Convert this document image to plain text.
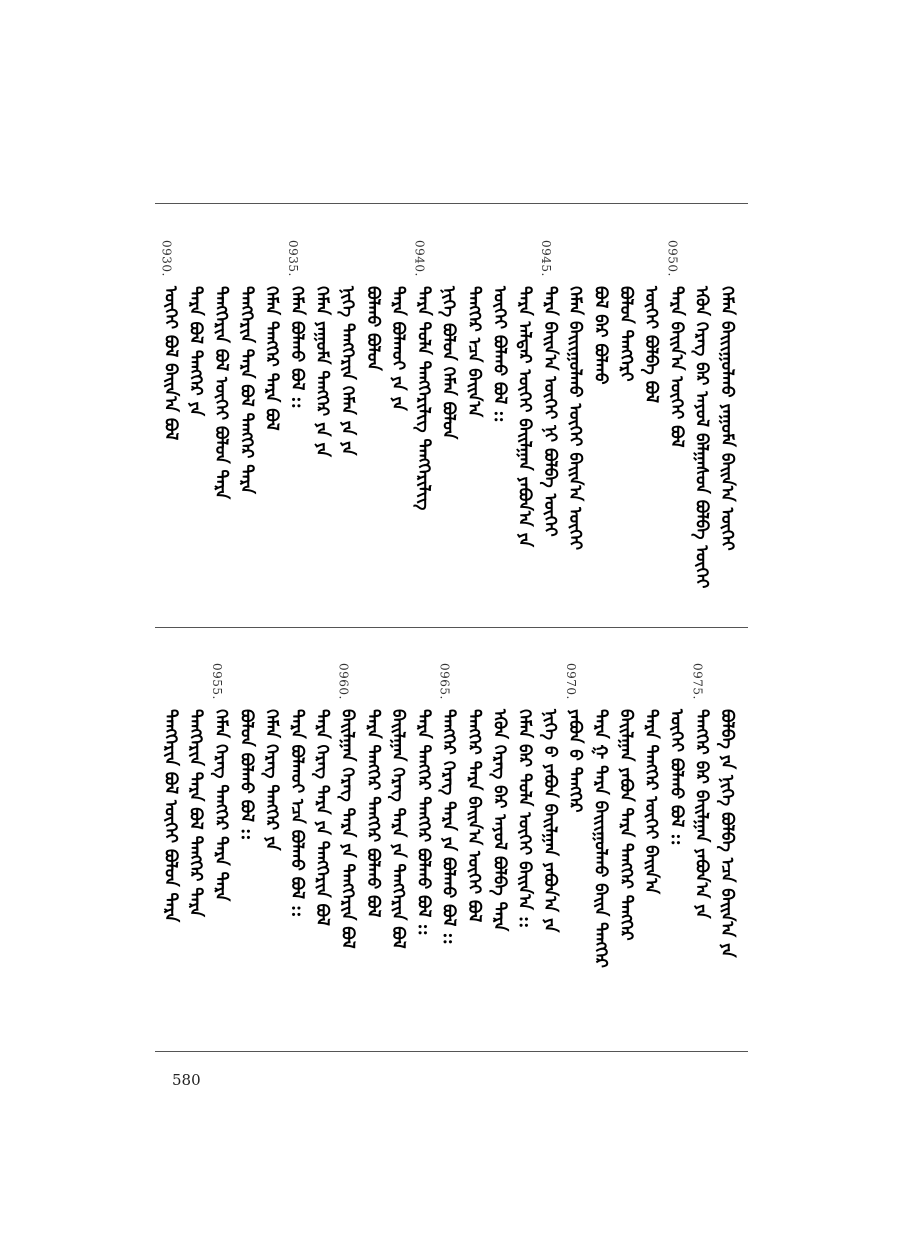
ᠬᠡᠮᠡᠨ ᠪᠠᠢᠢᠭᠤᠯᠬᠤ ᠶᠠᠭᠤᠮᠠ ᠪᠠᠢᠨ᠎ᠠ ᠦᠭᠡᠢ
ᠡᠭᠦᠨ ᠬᠡᠷᠡᠭ ᠪᠡᠷ ᠠᠶᠤᠯ ᠪᠠᠯᠭᠠᠰᠤᠨ ᠪᠣᠯᠪᠠ ᠦᠭᠡᠢ
0950.
ᠲᠡᠷᠡ ᠪᠠᠢᠨ᠎ᠠ ᠦᠭᠡᠢ ᠪᠣᠯ
ᠦᠭᠡᠢ ᠪᠣᠯᠪᠠ ᠪᠣᠯ
ᠪᠣᠯᠤᠨ ᠲᠡᠩᠭᠡᠷᠢ
ᠪᠣᠯ ᠪᠡᠷ ᠪᠣᠯᠬᠤ
ᠬᠡᠮᠡᠨ ᠪᠠᠢᠢᠭᠤᠯᠬᠤ ᠦᠭᠡᠢ ᠪᠠᠢᠨ᠎ᠠ ᠦᠭᠡᠢ
0945.
ᠲᠡᠷᠡ ᠪᠠᠢᠨ᠎ᠠ ᠦᠭᠡᠢ ᠨᠢ ᠪᠣᠯᠪᠠ ᠦᠭᠡᠢ
ᠲᠡᠷᠡ ᠠᠯᠳᠠᠷ ᠦᠭᠡᠢ ᠪᠠᠢᠯᠭᠠᠨ ᠶᠠᠪᠤᠨ᠎ᠠ ᠶᠠ
ᠦᠭᠡᠢ ᠪᠣᠯᠬᠤ ᠪᠣᠯ ::
ᠲᠡᠩᠭᠡᠷ ᠡᠴᠡ ᠪᠠᠢᠨ᠎ᠠ
ᠨᠢᠭᠡ ᠪᠣᠯᠤᠨ ᠬᠡᠮᠡᠨ ᠪᠣᠯᠤᠨ
0940.
ᠲᠡᠷᠡ ᠲᠤᠯᠠ ᠲᠡᠩᠭᠡᠷᠢᠯᠢᠭ ᠲᠡᠩᠭᠡᠷᠢᠯᠢᠭ
ᠲᠡᠷᠡ ᠪᠣᠯᠬᠤᠢ ᠶᠠ ᠶᠠ
ᠪᠣᠯᠬᠤ ᠪᠣᠯᠤᠨ
ᠨᠢᠭᠡ ᠲᠡᠩᠭᠡᠷᠢᠨ ᠬᠡᠮᠡᠨ ᠶᠠ ᠶᠠ
ᠬᠡᠮᠡᠨ ᠶᠠᠭᠤᠮᠠ ᠲᠡᠩᠭᠡᠷ ᠶᠠ ᠶᠠ
0935.
ᠬᠡᠮᠡᠨ ᠪᠣᠯᠬᠤ ᠪᠣᠯ ::
ᠬᠡᠮᠡᠨ ᠲᠡᠩᠭᠡᠷ ᠲᠡᠷᠡ ᠪᠣᠯ
ᠲᠡᠩᠭᠡᠷᠢᠨ ᠲᠡᠷᠡ ᠪᠣᠯ ᠲᠡᠩᠭᠡᠷ ᠲᠡᠷᠡ
ᠲᠡᠩᠭᠡᠷᠢᠨ ᠪᠣᠯ ᠦᠭᠡᠢ ᠪᠣᠯᠤᠨ ᠲᠡᠷᠡ
ᠲᠡᠷᠡ ᠪᠣᠯ ᠲᠡᠩᠭᠡᠷ ᠶᠠ
0930.
ᠦᠭᠡᠢ ᠪᠣᠯ ᠪᠠᠢᠨ᠎ᠠ ᠪᠣᠯ
ᠪᠣᠯᠪᠠ ᠶᠠ ᠨᠢᠭᠡ ᠪᠣᠯᠪᠠ ᠡᠴᠡ ᠪᠠᠢᠨ᠎ᠠ ᠶᠠ
0975.
ᠲᠡᠩᠭᠡᠷ ᠪᠡᠷ ᠪᠠᠢᠯᠭᠠᠨ ᠶᠠᠪᠤᠨ᠎ᠠ ᠶᠠ
ᠦᠭᠡᠢ ᠪᠣᠯᠬᠤ ᠪᠣᠯ ::
ᠲᠡᠷᠡ ᠲᠡᠩᠭᠡᠷ ᠦᠭᠡᠢ ᠪᠠᠢᠨ᠎ᠠ
ᠪᠠᠢᠯᠭᠠᠨ ᠶᠠᠪᠤᠨ ᠲᠡᠷᠡ ᠲᠡᠩᠭᠡᠷ ᠲᠡᠩᠭᠡᠷ
ᠲᠡᠷᠡ ᠭ ᠲᠡᠷᠡ ᠪᠠᠢᠢᠭᠤᠯᠬᠤ ᠪᠠᠢᠨ ᠲᠡᠩᠭᠡᠷ
0970.
ᠶᠠᠪᠤᠨ ᠪ ᠲᠡᠩᠭᠡᠷ
ᠨᠢᠭᠡ ᠪ ᠶᠠᠪᠤᠨ ᠪᠠᠢᠯᠭᠠᠨ ᠶᠠᠪᠤᠨ᠎ᠠ ᠶᠠ
ᠬᠡᠮᠡᠨ ᠪᠡᠷ ᠲᠤᠯᠠ ᠦᠭᠡᠢ ᠪᠠᠢᠨ᠎ᠠ ::
ᠡᠭᠦᠨ ᠬᠡᠷᠡᠭ ᠪᠡᠷ ᠠᠶᠤᠯ ᠪᠣᠯᠪᠠ ᠲᠡᠷᠡ
ᠲᠡᠩᠭᠡᠷ ᠲᠡᠷᠡ ᠪᠠᠢᠨ᠎ᠠ ᠦᠭᠡᠢ ᠪᠣᠯ
0965.
ᠲᠡᠩᠭᠡᠷ ᠬᠡᠷᠡᠭ ᠲᠡᠷᠡ ᠶᠠ ᠪᠣᠯᠬᠤ ᠪᠣᠯ ::
ᠲᠡᠷᠡ ᠲᠡᠩᠭᠡᠷ ᠲᠡᠩᠭᠡᠷ ᠪᠣᠯᠬᠤ ᠪᠣᠯ ::
ᠪᠠᠢᠯᠭᠠᠨ ᠬᠡᠷᠡᠭ ᠲᠡᠷᠡ ᠶᠠ ᠲᠡᠩᠭᠡᠷᠢᠨ ᠪᠣᠯ
ᠲᠡᠷᠡ ᠲᠡᠩᠭᠡᠷ ᠲᠡᠩᠭᠡᠷ ᠪᠣᠯᠬᠤ ᠪᠣᠯ
0960.
ᠪᠠᠢᠯᠭᠠᠨ ᠬᠡᠷᠡᠭ ᠲᠡᠷᠡ ᠶᠠ ᠲᠡᠩᠭᠡᠷᠢᠨ ᠪᠣᠯ
ᠲᠡᠷᠡ ᠬᠡᠷᠡᠭ ᠲᠡᠷᠡ ᠶᠠ ᠲᠡᠩᠭᠡᠷᠢᠨ ᠪᠣᠯ
ᠲᠡᠷᠡ ᠪᠣᠯᠬᠤᠢ ᠡᠴᠡ ᠪᠣᠯᠬᠤ ᠪᠣᠯ ::
ᠬᠡᠮᠡᠨ ᠬᠡᠷᠡᠭ ᠲᠡᠩᠭᠡᠷ ᠶᠠ
ᠪᠣᠯᠤᠨ ᠪᠣᠯᠬᠤ ᠪᠣᠯ ::
0955.
ᠬᠡᠮᠡᠨ ᠬᠡᠷᠡᠭ ᠲᠡᠩᠭᠡᠷ ᠲᠡᠷᠡ ᠲᠡᠷᠡ
ᠲᠡᠩᠭᠡᠷᠢᠨ ᠲᠡᠷᠡ ᠪᠣᠯ ᠲᠡᠩᠭᠡᠷ ᠲᠡᠷᠡ
ᠲᠡᠩᠭᠡᠷᠢᠨ ᠪᠣᠯ ᠦᠭᠡᠢ ᠪᠣᠯᠤᠨ ᠲᠡᠷᠡ
580
